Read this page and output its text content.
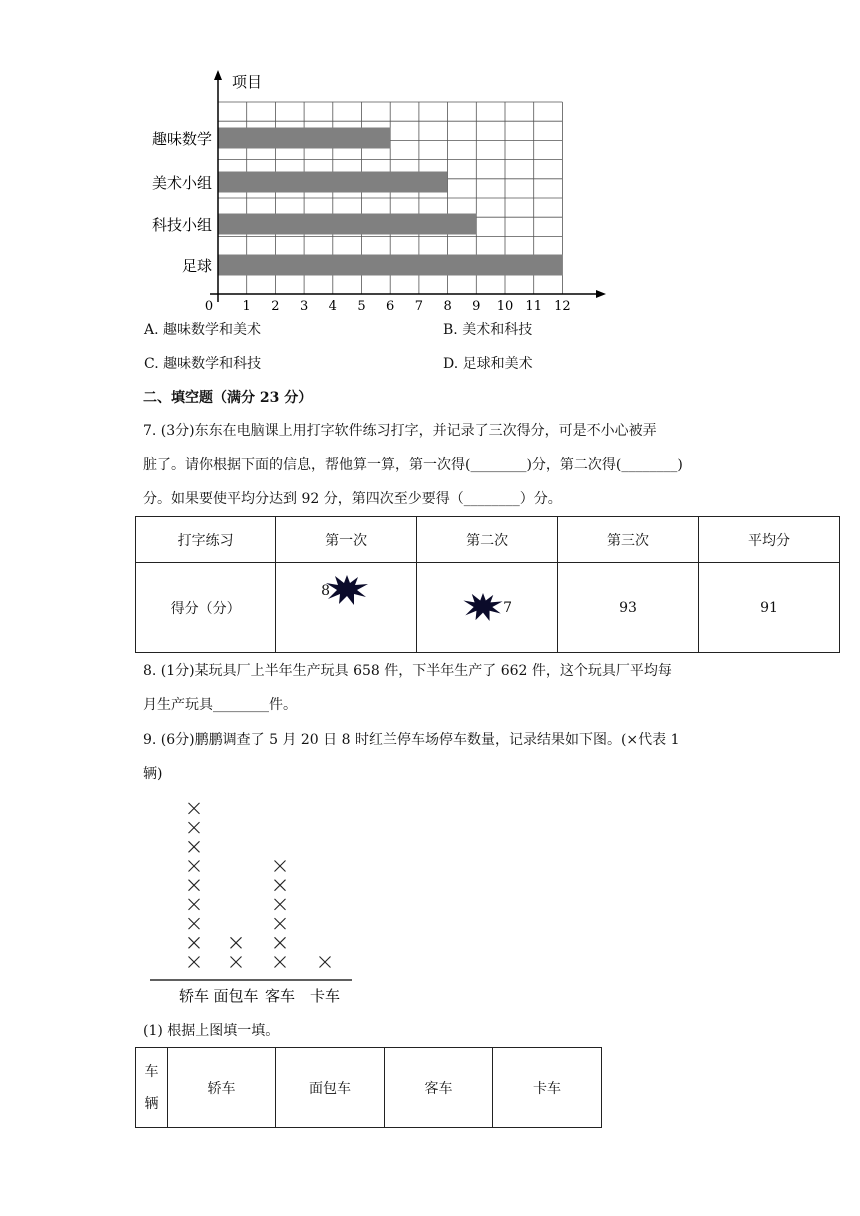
趣味数学
美术小组
科技小组
足球
0 1 2 3 4 5 6 7 8 9 10 11 12
项目
A. 趣味数学和美术	B. 美术和科技
C. 趣味数学和科技	D. 足球和美术
二、填空题（满分 23 分）
7. (3分)东东在电脑课上用打字软件练习打字，并记录了三次得分，可是不小心被弄
脏了。请你根据下面的信息，帮他算一算，第一次得(________)分，第二次得(________)
分。如果要使平均分达到 92 分，第四次至少要得（________）分。
打字练习	第一次	第二次	第三次	平均分
得分（分）	8	7	93	91
8. (1分)某玩具厂上半年生产玩具 658 件，下半年生产了 662 件，这个玩具厂平均每
月生产玩具________件。
9. (6分)鹏鹏调查了 5 月 20 日 8 时红兰停车场停车数量，记录结果如下图。(×代表 1
辆)
轿车 面包车 客车 卡车
(1) 根据上图填一填。
车
辆	轿车	面包车	客车	卡车
